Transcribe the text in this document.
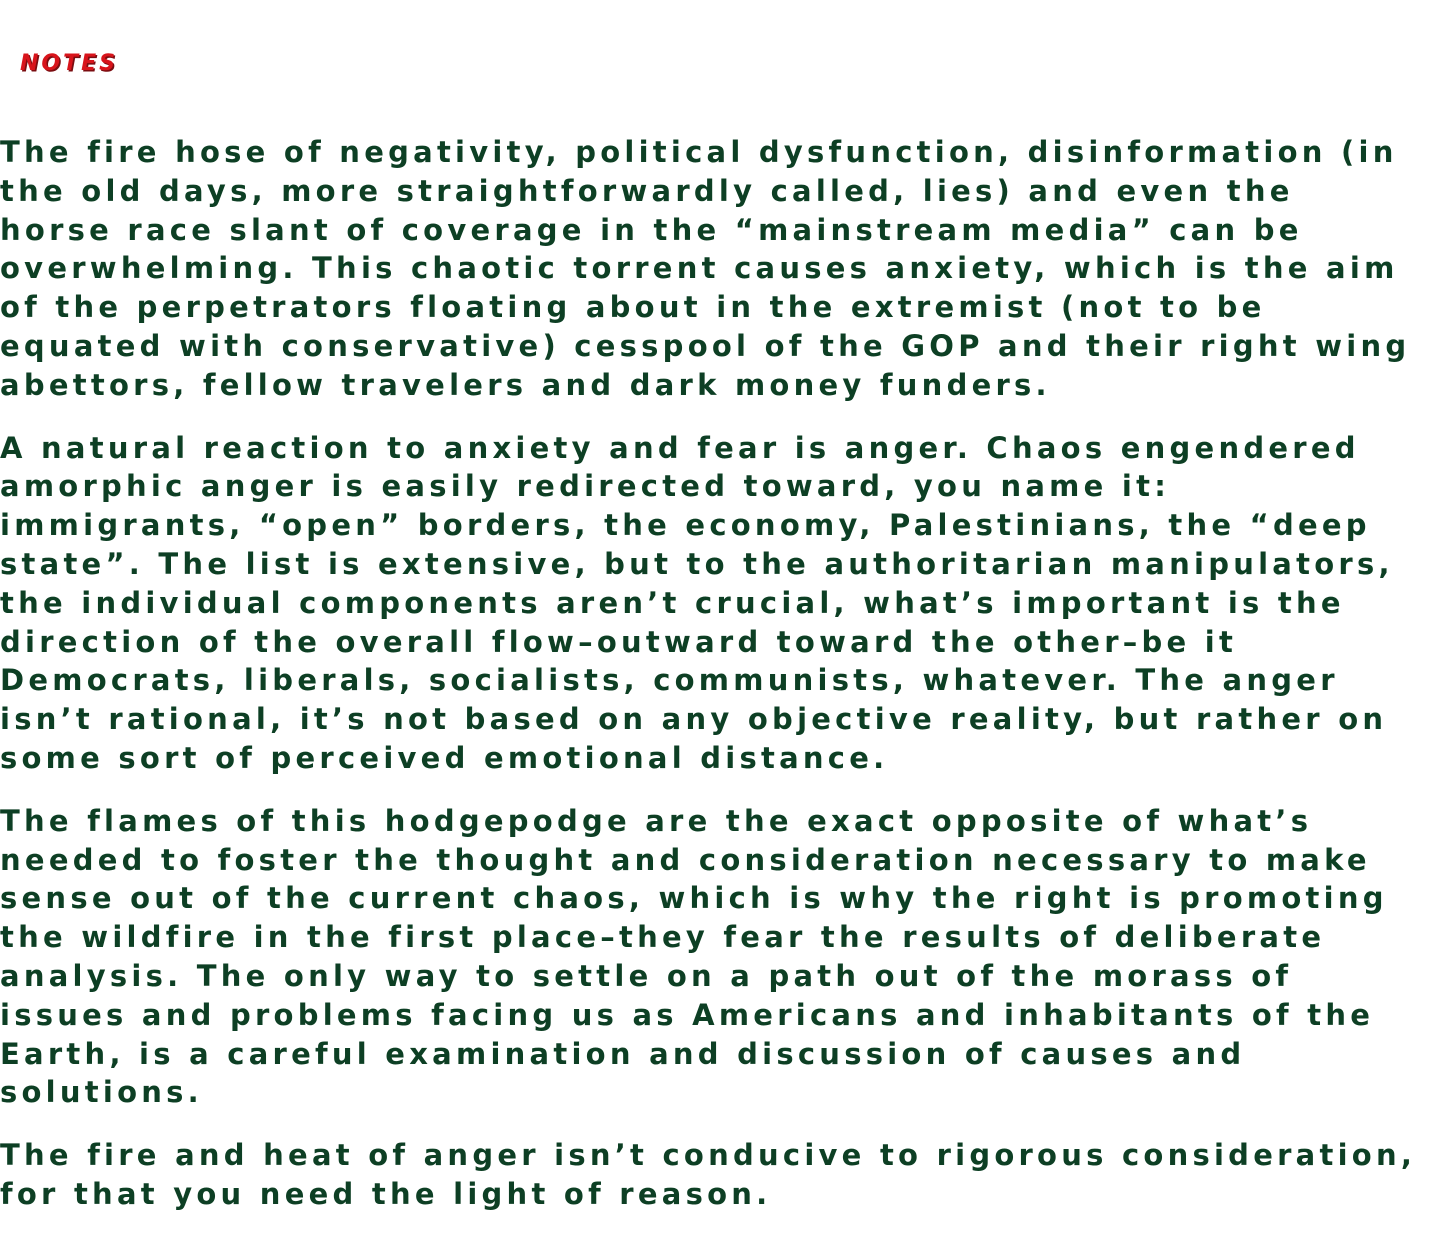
notes

The fire hose of negativity, political dysfunction, disinformation (in
the old days, more straightforwardly called, lies) and even the
horse race slant of coverage in the “mainstream media” can be
overwhelming. This chaotic torrent causes anxiety, which is the aim
of the perpetrators floating about in the extremist (not to be
equated with conservative) cesspool of the GOP and their right wing
abettors, fellow travelers and dark money funders.

A natural reaction to anxiety and fear is anger. Chaos engendered
amorphic anger is easily redirected toward, you name it:
immigrants, “open” borders, the economy, Palestinians, the “deep
state”. The list is extensive, but to the authoritarian manipulators,
the individual components aren’t crucial, what’s important is the
direction of the overall flow–outward toward the other–be it
Democrats, liberals, socialists, communists, whatever. The anger
isn’t rational, it’s not based on any objective reality, but rather on
some sort of perceived emotional distance.

The flames of this hodgepodge are the exact opposite of what’s
needed to foster the thought and consideration necessary to make
sense out of the current chaos, which is why the right is promoting
the wildfire in the first place–they fear the results of deliberate
analysis. The only way to settle on a path out of the morass of
issues and problems facing us as Americans and inhabitants of the
Earth, is a careful examination and discussion of causes and
solutions.

The fire and heat of anger isn’t conducive to rigorous consideration,
for that you need the light of reason.
